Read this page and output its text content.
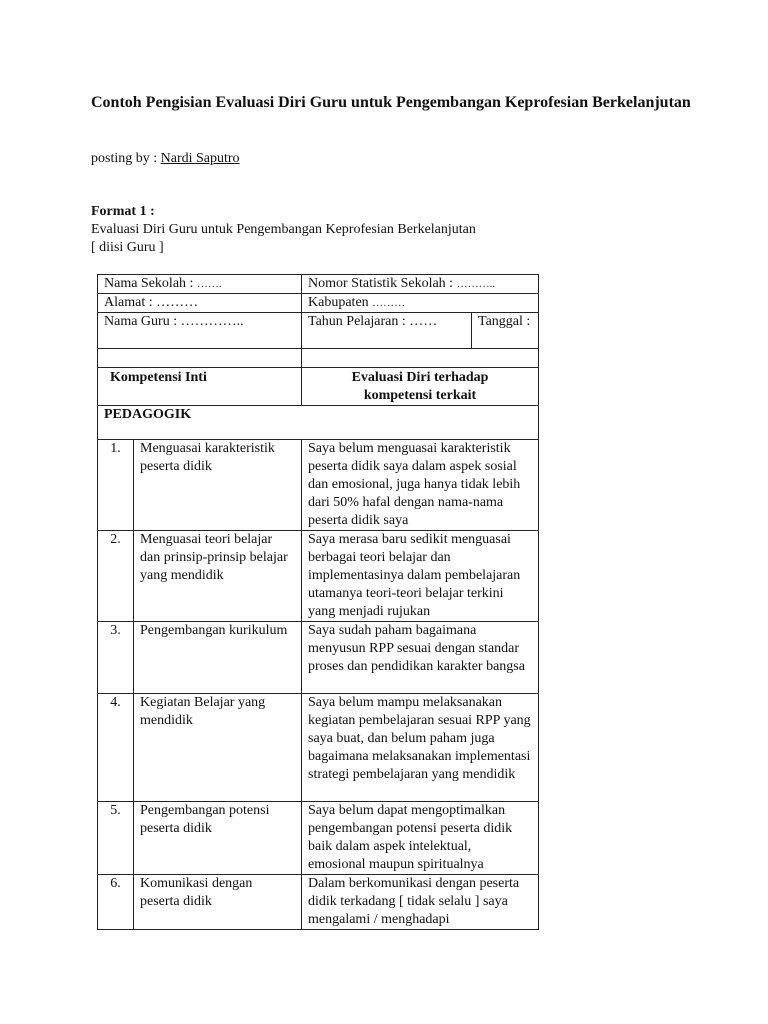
Contoh Pengisian Evaluasi Diri Guru untuk Pengembangan Keprofesian Berkelanjutan
posting by : Nardi Saputro
Format 1 :
Evaluasi Diri Guru untuk Pengembangan Keprofesian Berkelanjutan
[ diisi Guru ]
Nama Sekolah : …….		Nomor Statistik Sekolah : ………..	
Alamat : ………		Kabupaten ………	
Nama Guru : …………..		Tahun Pelajaran : ……	Tanggal :

Kompetensi Inti		Evaluasi Diri terhadap kompetensi terkait	
PEDAGOGIK			
1.	Menguasai karakteristik peserta didik	Saya belum menguasai karakteristik peserta didik saya dalam aspek sosial dan emosional, juga hanya tidak lebih dari 50% hafal dengan nama-nama peserta didik saya	
2.	Menguasai teori belajar dan prinsip-prinsip belajar yang mendidik	Saya merasa baru sedikit menguasai berbagai teori belajar dan implementasinya dalam pembelajaran utamanya teori-teori belajar terkini yang menjadi rujukan	
3.	Pengembangan kurikulum	Saya sudah paham bagaimana menyusun RPP sesuai dengan standar proses dan pendidikan karakter bangsa	
4.	Kegiatan Belajar yang mendidik	Saya belum mampu melaksanakan kegiatan pembelajaran sesuai RPP yang saya buat, dan belum paham juga bagaimana melaksanakan implementasi strategi pembelajaran yang mendidik	
5.	Pengembangan potensi peserta didik	Saya belum dapat mengoptimalkan pengembangan potensi peserta didik baik dalam aspek intelektual, emosional maupun spiritualnya	
6.	Komunikasi dengan peserta didik	Dalam berkomunikasi dengan peserta didik terkadang [ tidak selalu ] saya mengalami / menghadapi	
